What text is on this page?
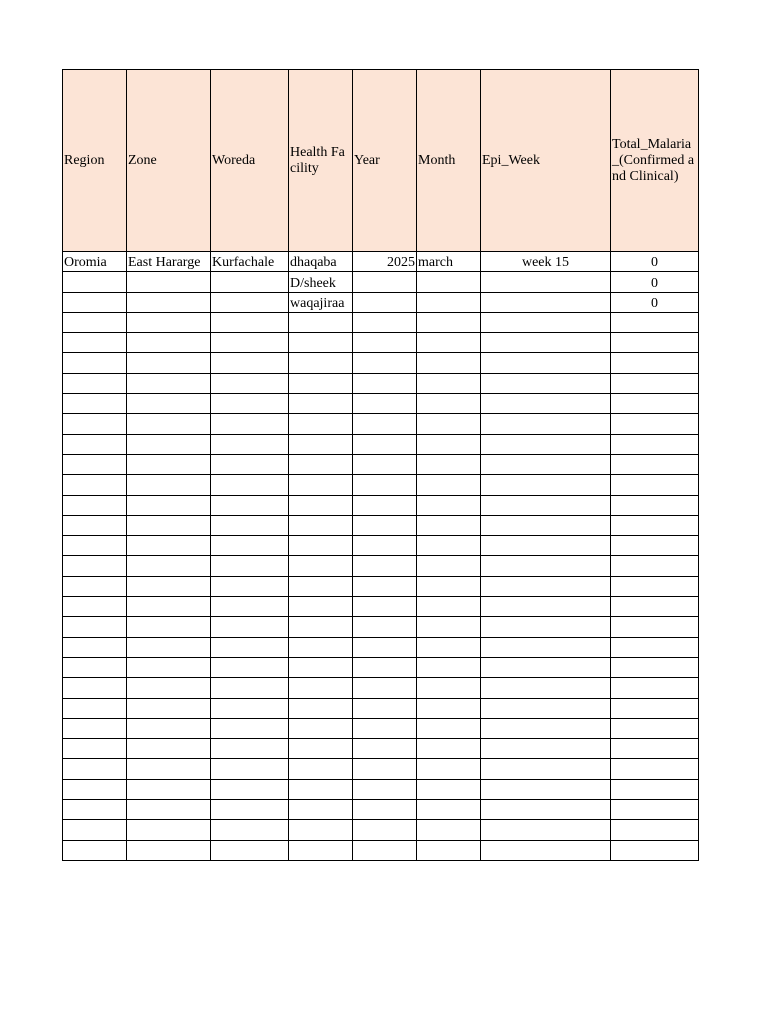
Region	Zone	Woreda	Health Facility	Year	Month	Epi_Week	Total_Malaria_(Confirmed and Clinical)
Oromia	East Hararge	Kurfachale	dhaqaba	2025	march	week 15	0
			D/sheek				0
			waqajiraa				0
